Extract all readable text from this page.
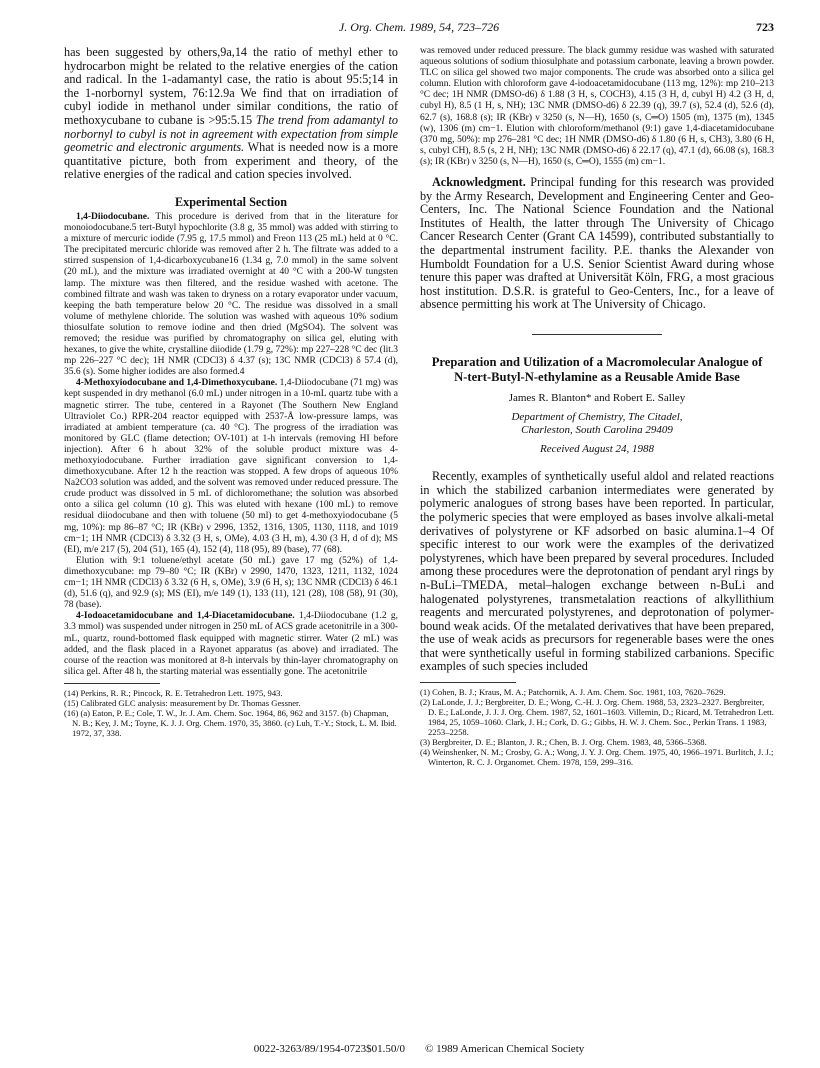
J. Org. Chem. 1989, 54, 723–726	723

has been suggested by others,9a,14 the ratio of methyl ether to hydrocarbon might be related to the relative energies of the cation and radical. In the 1-adamantyl case, the ratio is about 95:5;14 in the 1-norbornyl system, 76:12.9a We find that on irradiation of cubyl iodide in methanol under similar conditions, the ratio of methoxycubane to cubane is >95:5.15 The trend from adamantyl to norbornyl to cubyl is not in agreement with expectation from simple geometric and electronic arguments. What is needed now is a more quantitative picture, both from experiment and theory, of the relative energies of the radical and cation species involved.

Experimental Section

1,4-Diiodocubane. This procedure is derived from that in the literature for monoiodocubane.5 tert-Butyl hypochlorite (3.8 g, 35 mmol) was added with stirring to a mixture of mercuric iodide (7.95 g, 17.5 mmol) and Freon 113 (25 mL) held at 0 °C. The precipitated mercuric chloride was removed after 2 h. The filtrate was added to a stirred suspension of 1,4-dicarboxycubane16 (1.34 g, 7.0 mmol) in the same solvent (20 mL), and the mixture was irradiated overnight at 40 °C with a 200-W tungsten lamp. The mixture was then filtered, and the residue washed with acetone. The combined filtrate and wash was taken to dryness on a rotary evaporator under vacuum, keeping the bath temperature below 20 °C. The residue was dissolved in a small volume of methylene chloride. The solution was washed with aqueous 10% sodium thiosulfate solution to remove iodine and then dried (MgSO4). The solvent was removed; the residue was purified by chromatography on silica gel, eluting with hexanes, to give the white, crystalline diiodide (1.79 g, 72%): mp 227–228 °C dec (lit.3 mp 226–227 °C dec); 1H NMR (CDCl3) δ 4.37 (s); 13C NMR (CDCl3) δ 57.4 (d), 35.6 (s). Some higher iodides are also formed.4

4-Methoxyiodocubane and 1,4-Dimethoxycubane. 1,4-Diiodocubane (71 mg) was kept suspended in dry methanol (6.0 mL) under nitrogen in a 10-mL quartz tube with a magnetic stirrer. The tube, centered in a Rayonet (The Southern New England Ultraviolet Co.) RPR-204 reactor equipped with 2537-Å low-pressure lamps, was irradiated at ambient temperature (ca. 40 °C). The progress of the irradiation was monitored by GLC (flame detection; OV-101) at 1-h intervals (removing HI before injection). After 6 h about 32% of the soluble product mixture was 4-methoxyiodocubane. Further irradiation gave significant conversion to 1,4-dimethoxycubane. After 12 h the reaction was stopped. A few drops of aqueous 10% Na2CO3 solution was added, and the solvent was removed under reduced pressure. The crude product was dissolved in 5 mL of dichloromethane; the solution was absorbed onto a silica gel column (10 g). This was eluted with hexane (100 mL) to remove residual diiodocubane and then with toluene (50 ml) to get 4-methoxyiodocubane (5 mg, 10%): mp 86–87 °C; IR (KBr) ν 2996, 1352, 1316, 1305, 1130, 1118, and 1019 cm−1; 1H NMR (CDCl3) δ 3.32 (3 H, s, OMe), 4.03 (3 H, m), 4.30 (3 H, d of d); MS (EI), m/e 217 (5), 204 (51), 165 (4), 152 (4), 118 (95), 89 (base), 77 (68).

Elution with 9:1 toluene/ethyl acetate (50 mL) gave 17 mg (52%) of 1,4-dimethoxycubane: mp 79–80 °C; IR (KBr) ν 2990, 1470, 1323, 1211, 1132, 1024 cm−1; 1H NMR (CDCl3) δ 3.32 (6 H, s, OMe), 3.9 (6 H, s); 13C NMR (CDCl3) δ 46.1 (d), 51.6 (q), and 92.9 (s); MS (EI), m/e 149 (1), 133 (11), 121 (28), 108 (58), 91 (30), 78 (base).

4-Iodoacetamidocubane and 1,4-Diacetamidocubane. 1,4-Diiodocubane (1.2 g, 3.3 mmol) was suspended under nitrogen in 250 mL of ACS grade acetonitrile in a 300-mL, quartz, round-bottomed flask equipped with magnetic stirrer. Water (2 mL) was added, and the flask placed in a Rayonet apparatus (as above) and irradiated. The course of the reaction was monitored at 8-h intervals by thin-layer chromatography on silica gel. After 48 h, the starting material was essentially gone. The acetonitrile

(14) Perkins, R. R.; Pincock, R. E. Tetrahedron Lett. 1975, 943.

(15) Calibrated GLC analysis: measurement by Dr. Thomas Gessner.

(16) (a) Eaton, P. E.; Cole, T. W., Jr. J. Am. Chem. Soc. 1964, 86, 962 and 3157. (b) Chapman, N. B.; Key, J. M.; Toyne, K. J. J. Org. Chem. 1970, 35, 3860. (c) Luh, T.-Y.; Stock, L. M. Ibid. 1972, 37, 338.

was removed under reduced pressure. The black gummy residue was washed with saturated aqueous solutions of sodium thiosulphate and potassium carbonate, leaving a brown powder. TLC on silica gel showed two major components. The crude was absorbed onto a silica gel column. Elution with chloroform gave 4-iodoacetamidocubane (113 mg, 12%): mp 210–213 °C dec; 1H NMR (DMSO-d6) δ 1.88 (3 H, s, COCH3), 4.15 (3 H, d, cubyl H) 4.2 (3 H, d, cubyl H), 8.5 (1 H, s, NH); 13C NMR (DMSO-d6) δ 22.39 (q), 39.7 (s), 52.4 (d), 52.6 (d), 62.7 (s), 168.8 (s); IR (KBr) ν 3250 (s, N—H), 1650 (s, C═O) 1505 (m), 1375 (m), 1345 (w), 1306 (m) cm−1. Elution with chloroform/methanol (9:1) gave 1,4-diacetamidocubane (370 mg, 50%): mp 276–281 °C dec; 1H NMR (DMSO-d6) δ 1.80 (6 H, s, CH3), 3.80 (6 H, s, cubyl CH), 8.5 (s, 2 H, NH); 13C NMR (DMSO-d6) δ 22.17 (q), 47.1 (d), 66.08 (s), 168.3 (s); IR (KBr) ν 3250 (s, N—H), 1650 (s, C═O), 1555 (m) cm−1.

Acknowledgment. Principal funding for this research was provided by the Army Research, Development and Engineering Center and Geo-Centers, Inc. The National Science Foundation and the National Institutes of Health, the latter through The University of Chicago Cancer Research Center (Grant CA 14599), contributed substantially to the departmental instrument facility. P.E. thanks the Alexander von Humboldt Foundation for a U.S. Senior Scientist Award during whose tenure this paper was drafted at Universität Köln, FRG, a most gracious host institution. D.S.R. is grateful to Geo-Centers, Inc., for a leave of absence permitting his work at The University of Chicago.

Preparation and Utilization of a Macromolecular Analogue of N-tert-Butyl-N-ethylamine as a Reusable Amide Base
James R. Blanton* and Robert E. Salley
Department of Chemistry, The Citadel,
Charleston, South Carolina 29409
Received August 24, 1988

Recently, examples of synthetically useful aldol and related reactions in which the stabilized carbanion intermediates were generated by polymeric analogues of strong bases have been reported. In particular, the polymeric species that were employed as bases involve alkali-metal derivatives of polystyrene or KF adsorbed on basic alumina.1–4 Of specific interest to our work were the examples of the derivatized polystyrenes, which have been prepared by several procedures. Included among these procedures were the deprotonation of pendant aryl rings by n-BuLi–TMEDA, metal–halogen exchange between n-BuLi and halogenated polystyrenes, transmetalation reactions of alkyllithium reagents and mercurated polystyrenes, and deprotonation of polymer-bound weak acids. Of the metalated derivatives that have been prepared, the use of weak acids as precursors for regenerable bases were the ones that were synthetically useful in forming stabilized carbanions. Specific examples of such species included

(1) Cohen, B. J.; Kraus, M. A.; Patchornik, A. J. Am. Chem. Soc. 1981, 103, 7620–7629.

(2) LaLonde, J. J.; Bergbreiter, D. E.; Wong, C.-H. J. Org. Chem. 1988, 53, 2323–2327. Bergbreiter, D. E.; LaLonde, J. J. J. Org. Chem. 1987, 52, 1601–1603. Villemin, D.; Ricard, M. Tetrahedron Lett. 1984, 25, 1059–1060. Clark, J. H.; Cork, D. G.; Gibbs, H. W. J. Chem. Soc., Perkin Trans. 1 1983, 2253–2258.

(3) Bergbreiter, D. E.; Blanton, J. R.; Chen, B. J. Org. Chem. 1983, 48, 5366–5368.

(4) Weinshenker, N. M.; Crosby, G. A.; Wong, J. Y. J. Org. Chem. 1975, 40, 1966–1971. Burlitch, J. J.; Winterton, R. C. J. Organomet. Chem. 1978, 159, 299–316.

0022-3263/89/1954-0723$01.50/0 © 1989 American Chemical Society
